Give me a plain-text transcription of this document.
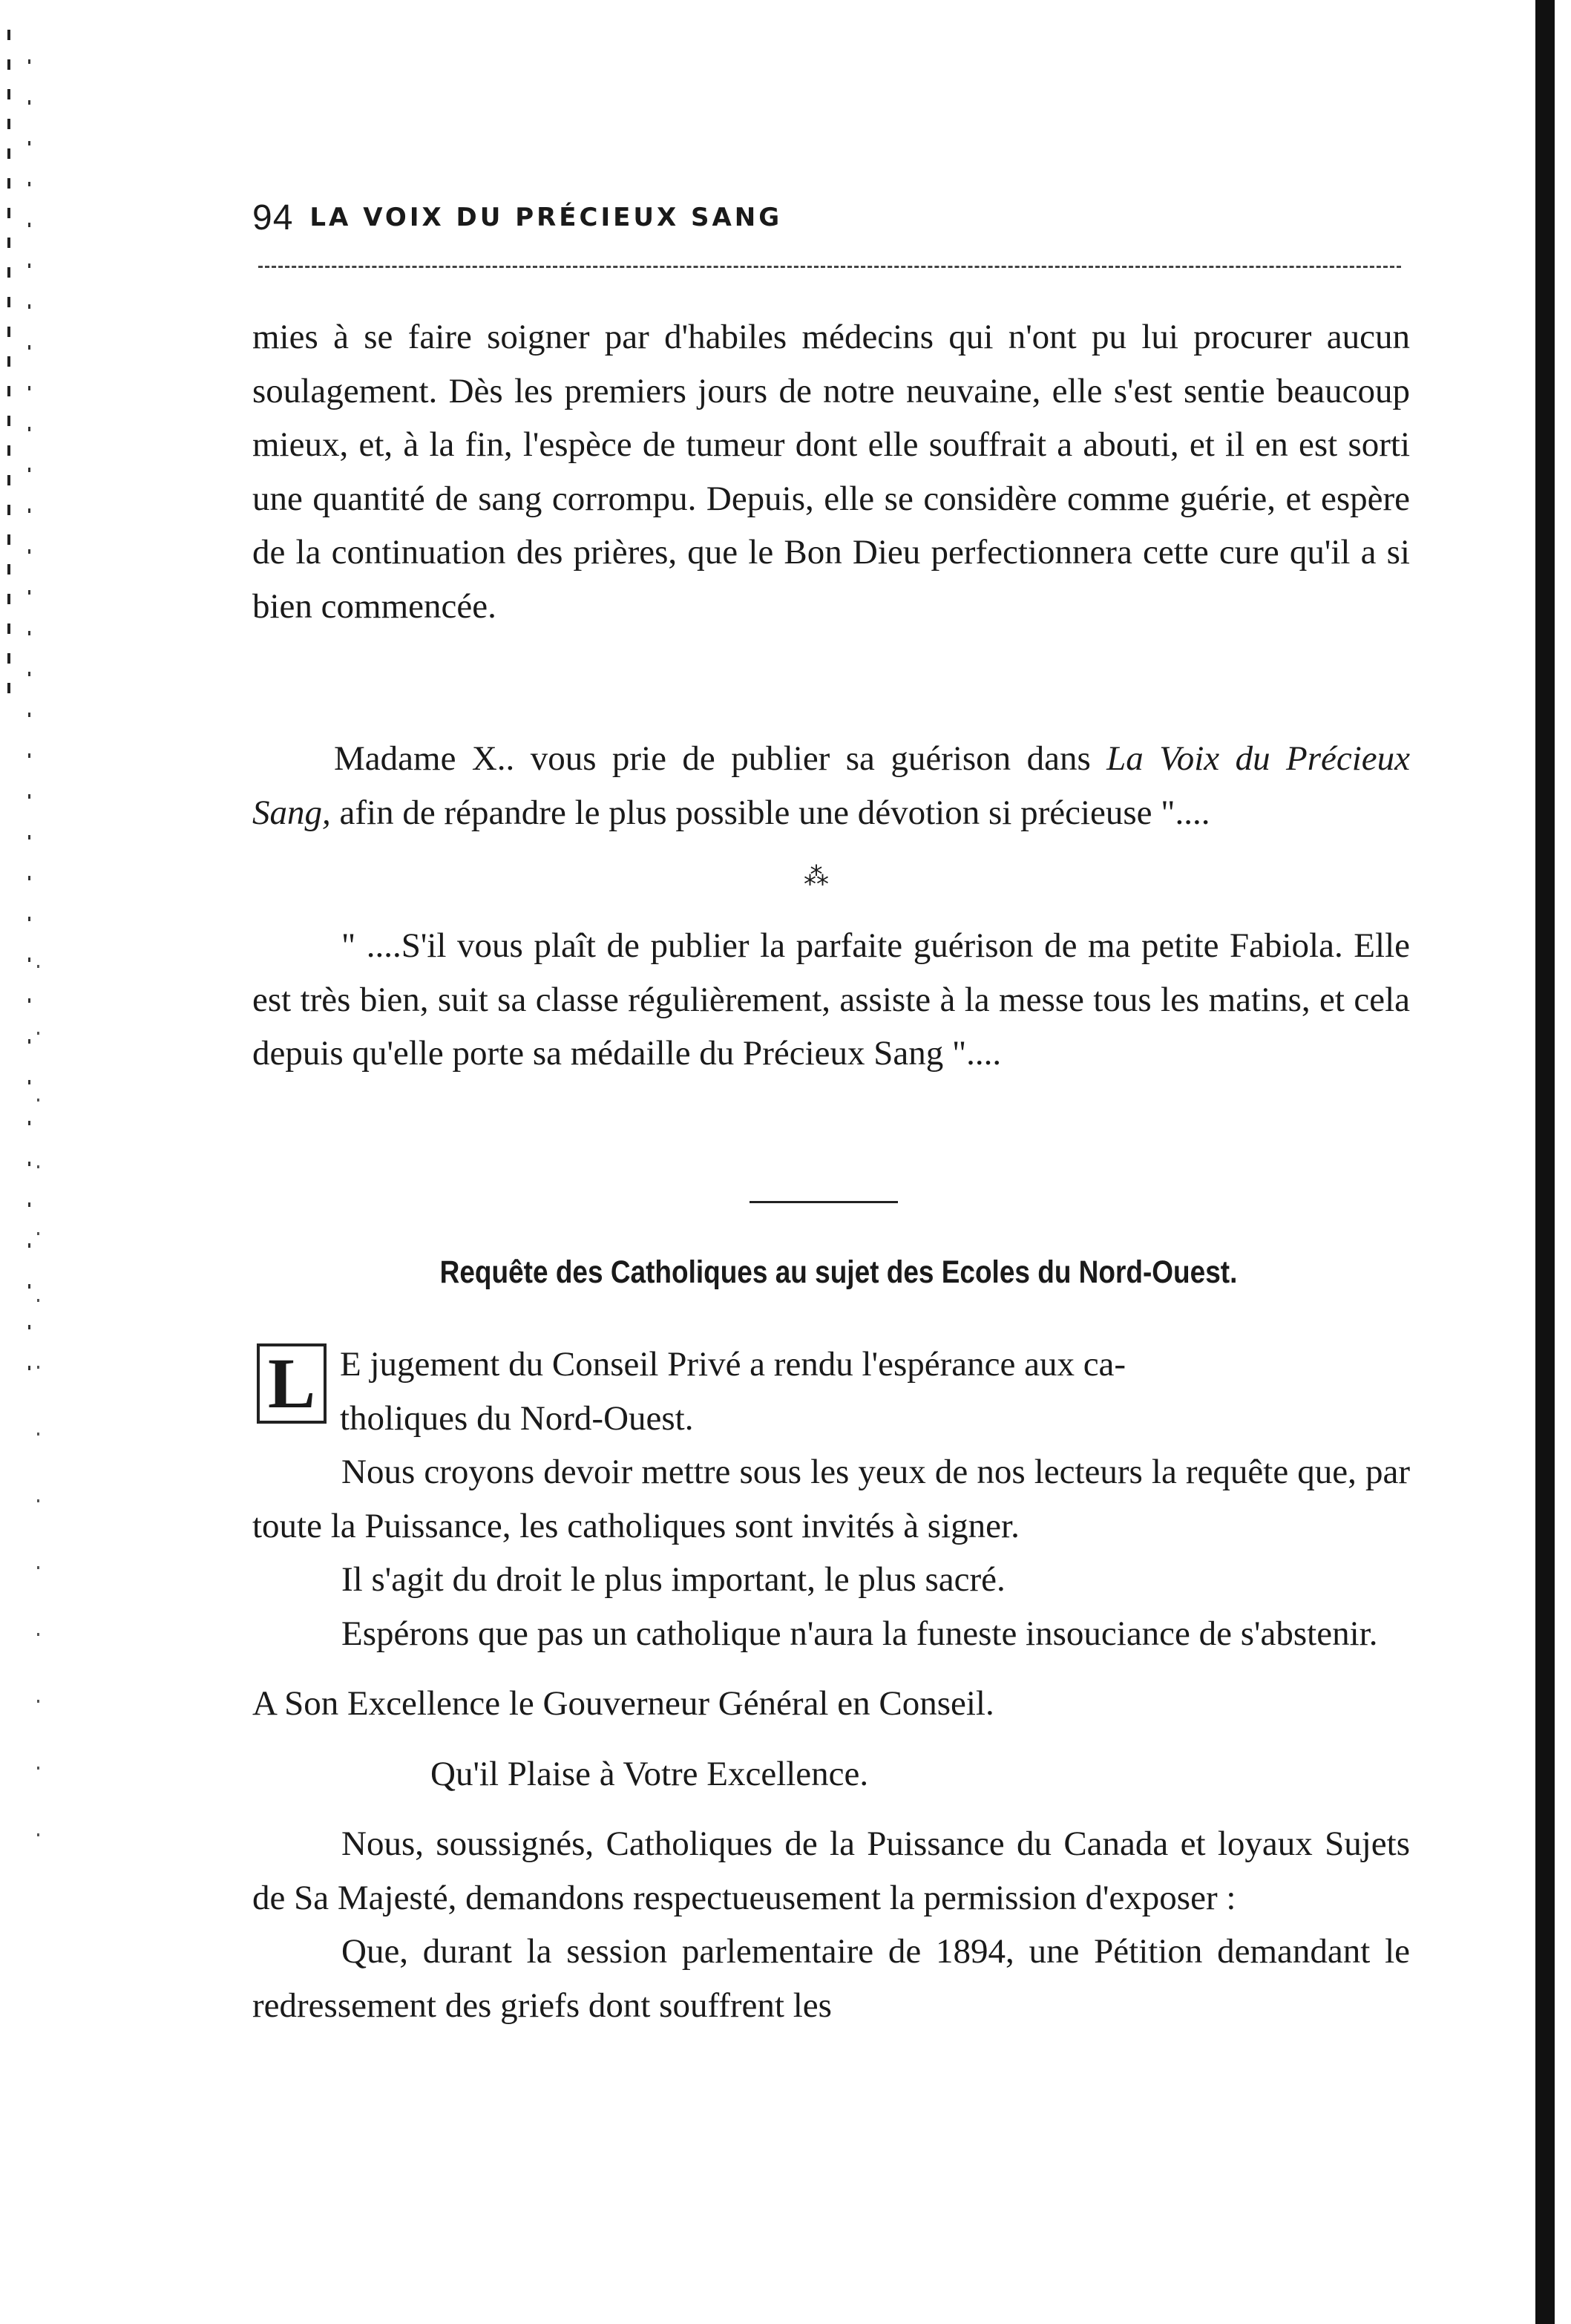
94 LA VOIX DU PRÉCIEUX SANG

mies à se faire soigner par d'habiles médecins qui n'ont pu lui procurer aucun soulagement. Dès les premiers jours de notre neuvaine, elle s'est sentie beaucoup mieux, et, à la fin, l'espèce de tumeur dont elle souffrait a abouti, et il en est sorti une quantité de sang corrompu. Depuis, elle se considère comme guérie, et espère de la continuation des prières, que le Bon Dieu perfectionnera cette cure qu'il a si bien commencée.

Madame X.. vous prie de publier sa guérison dans La Voix du Précieux Sang, afin de répandre le plus possible une dévotion si précieuse "....

⁂

" ....S'il vous plaît de publier la parfaite guérison de ma petite Fabiola. Elle est très bien, suit sa classe régulièrement, assiste à la messe tous les matins, et cela depuis qu'elle porte sa médaille du Précieux Sang "....

Requête des Catholiques au sujet des Ecoles du Nord-Ouest.
L E jugement du Conseil Privé a rendu l'espérance aux ca-

tholiques du Nord-Ouest.

Nous croyons devoir mettre sous les yeux de nos lecteurs la requête que, par toute la Puissance, les catholiques sont invités à signer.

Il s'agit du droit le plus important, le plus sacré.

Espérons que pas un catholique n'aura la funeste insouciance de s'abstenir.

A Son Excellence le Gouverneur Général en Conseil.

Qu'il Plaise à Votre Excellence.

Nous, soussignés, Catholiques de la Puissance du Canada et loyaux Sujets de Sa Majesté, demandons respectueusement la permission d'exposer :

Que, durant la session parlementaire de 1894, une Pétition demandant le redressement des griefs dont souffrent les
